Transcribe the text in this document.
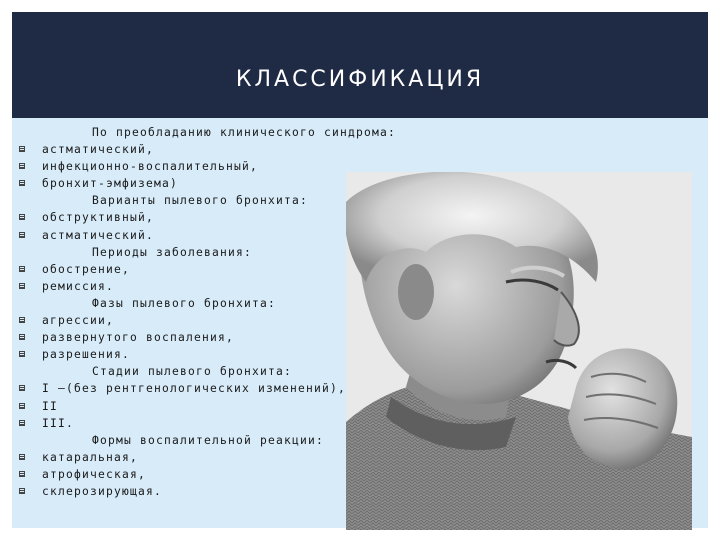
КЛАССИФИКАЦИЯ
По преобладанию клинического синдрома:
астматический,
инфекционно-воспалительный,
бронхит-эмфизема)
Варианты пылевого бронхита:
обструктивный,
астматический.
Периоды заболевания:
обострение,
ремиссия.
Фазы пылевого бронхита:
агрессии,
развернутого воспаления,
разрешения.
Стадии пылевого бронхита:
I –(без рентгенологических изменений),
II
III.
Формы воспалительной реакции:
катаральная,
атрофическая,
склерозирующая.
